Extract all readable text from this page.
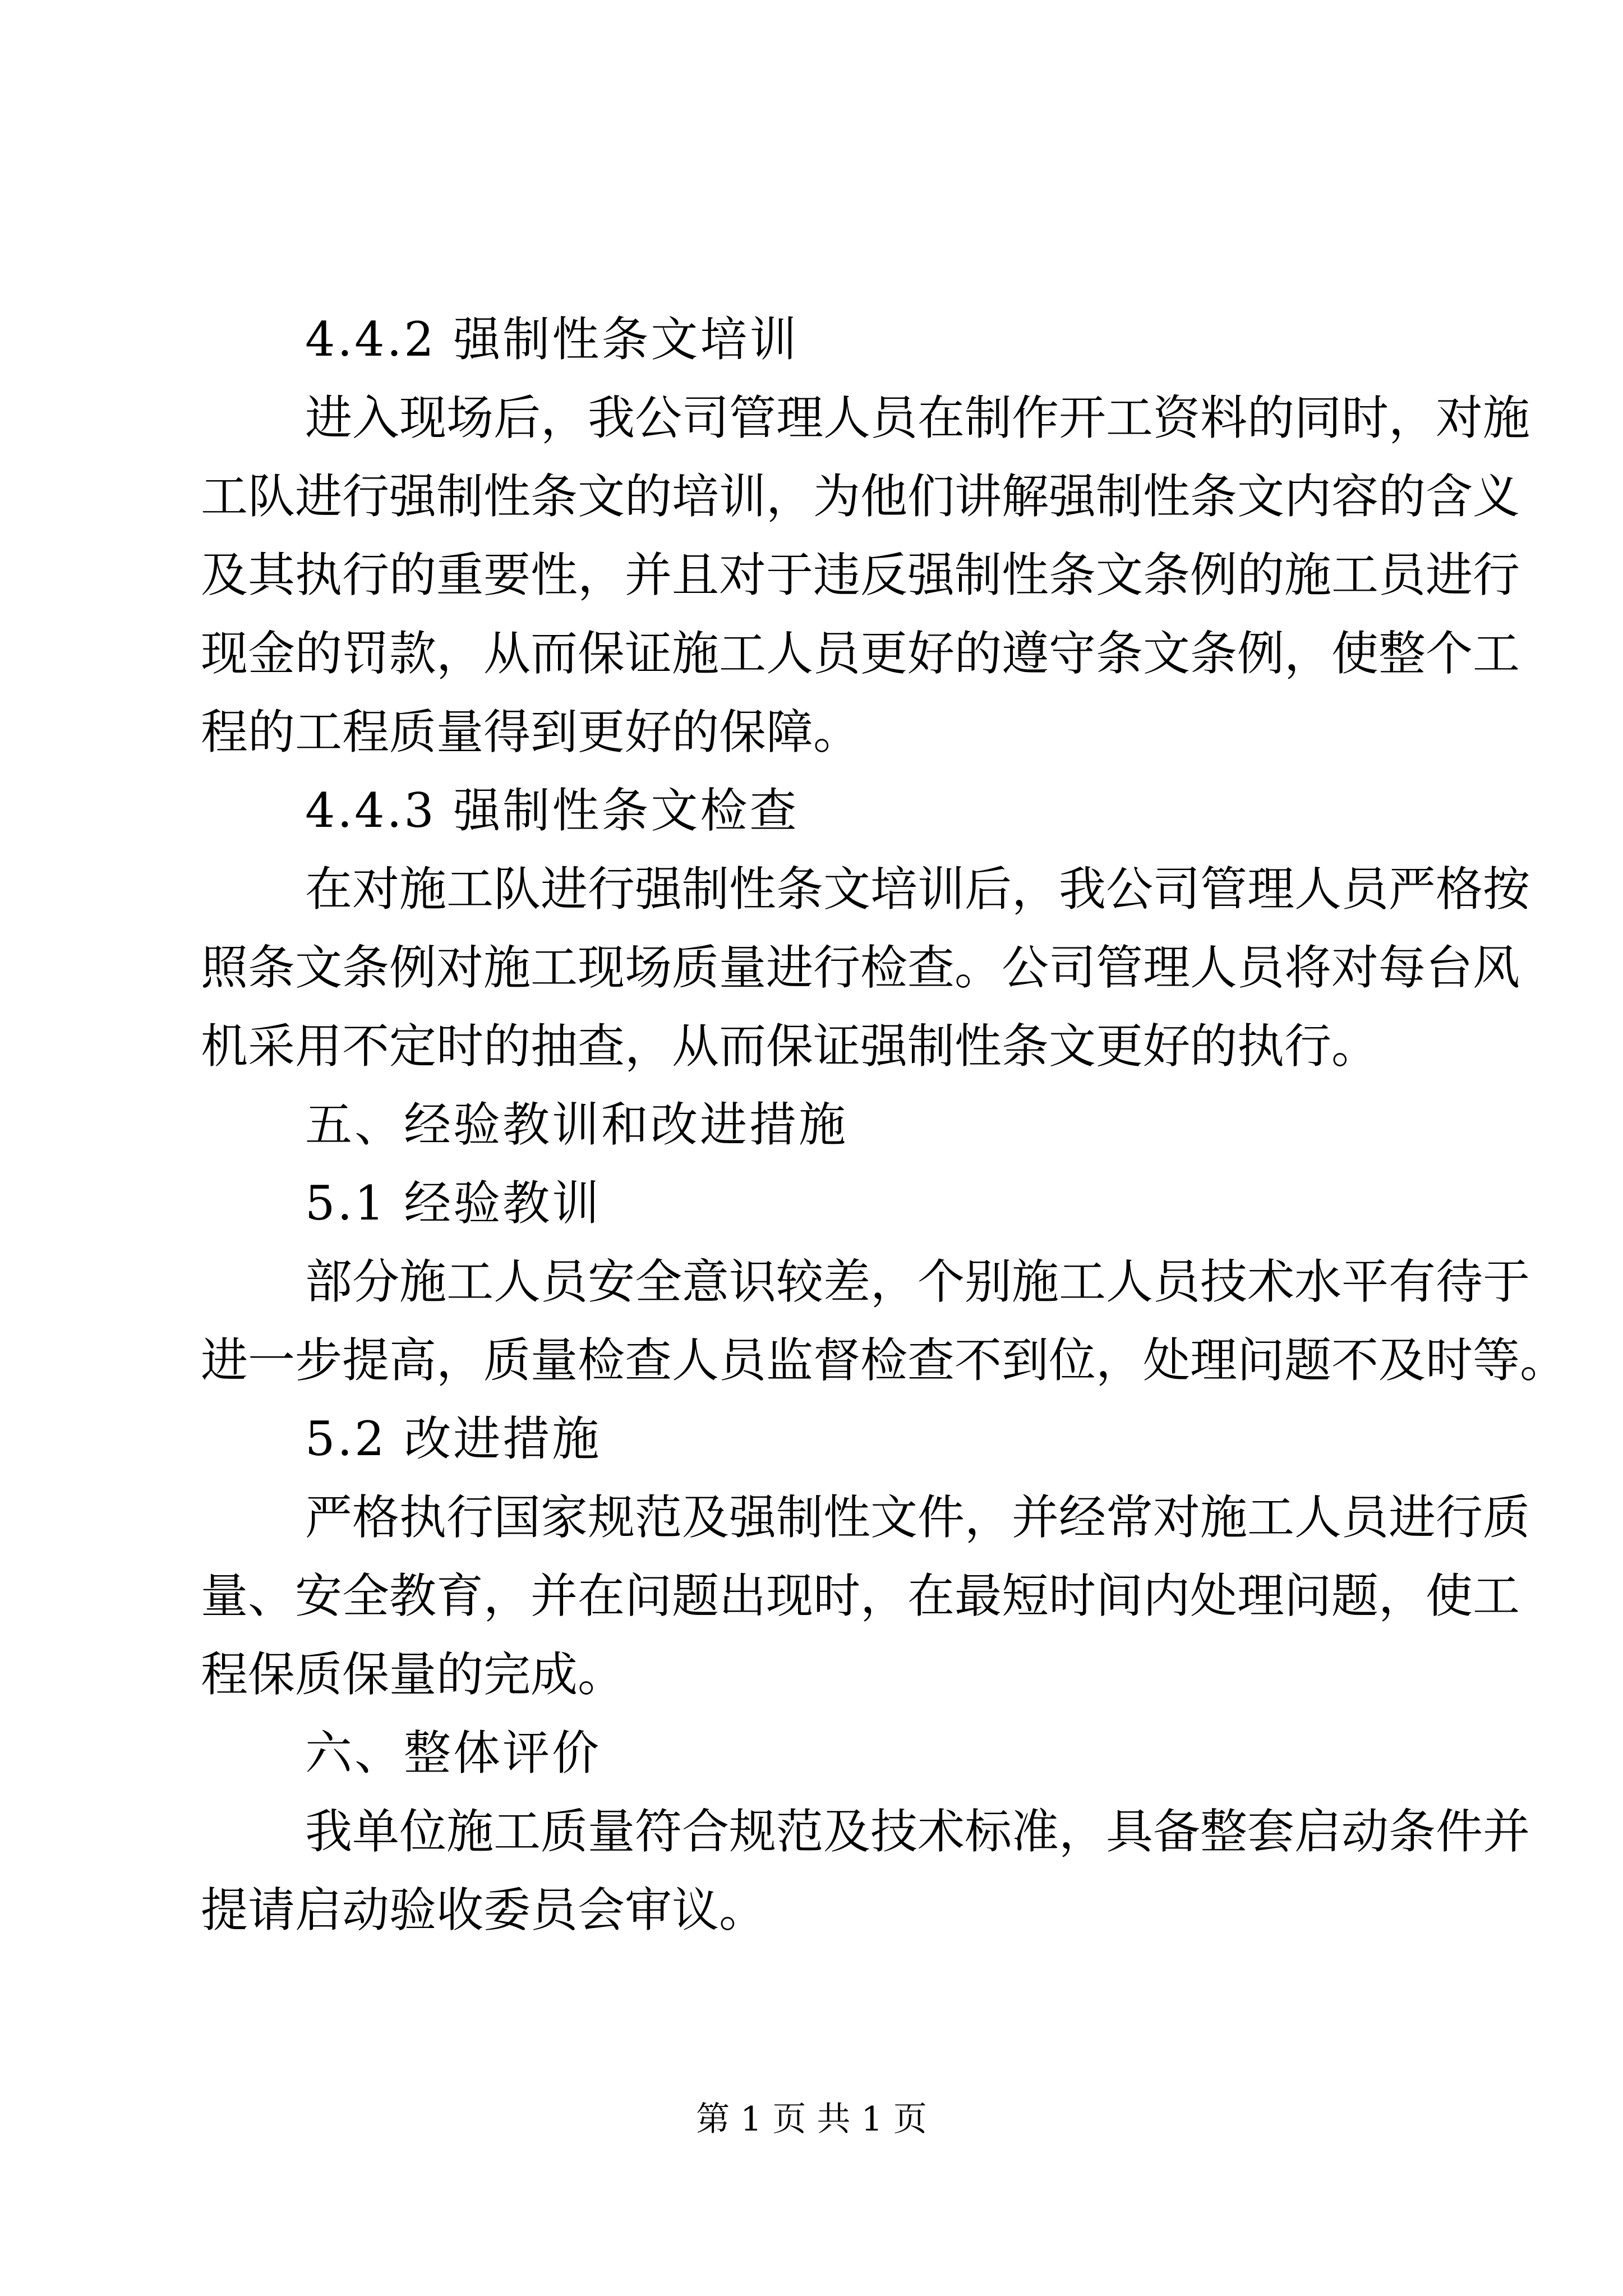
4.4.2 强制性条文培训
进入现场后，我公司管理人员在制作开工资料的同时，对施
工队进行强制性条文的培训，为他们讲解强制性条文内容的含义
及其执行的重要性，并且对于违反强制性条文条例的施工员进行
现金的罚款，从而保证施工人员更好的遵守条文条例，使整个工
程的工程质量得到更好的保障。
4.4.3 强制性条文检查
在对施工队进行强制性条文培训后，我公司管理人员严格按
照条文条例对施工现场质量进行检查。公司管理人员将对每台风
机采用不定时的抽查，从而保证强制性条文更好的执行。
五、经验教训和改进措施
5.1 经验教训
部分施工人员安全意识较差，个别施工人员技术水平有待于
进一步提高，质量检查人员监督检查不到位，处理问题不及时等。
5.2 改进措施
严格执行国家规范及强制性文件，并经常对施工人员进行质
量、安全教育，并在问题出现时，在最短时间内处理问题，使工
程保质保量的完成。
六、整体评价
我单位施工质量符合规范及技术标准，具备整套启动条件并
提请启动验收委员会审议。
第 1 页 共 1 页
